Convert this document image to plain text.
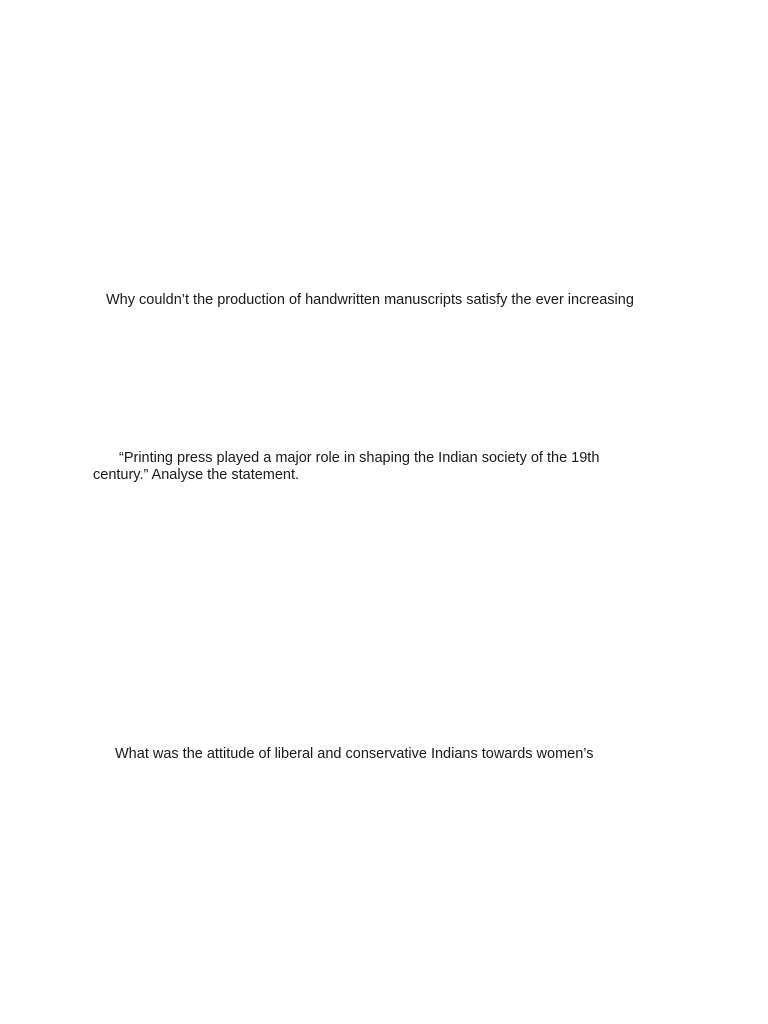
Why couldn’t the production of handwritten manuscripts satisfy the ever increasing

“Printing press played a major role in shaping the Indian society of the 19th

century.” Analyse the statement.

What was the attitude of liberal and conservative Indians towards women’s
